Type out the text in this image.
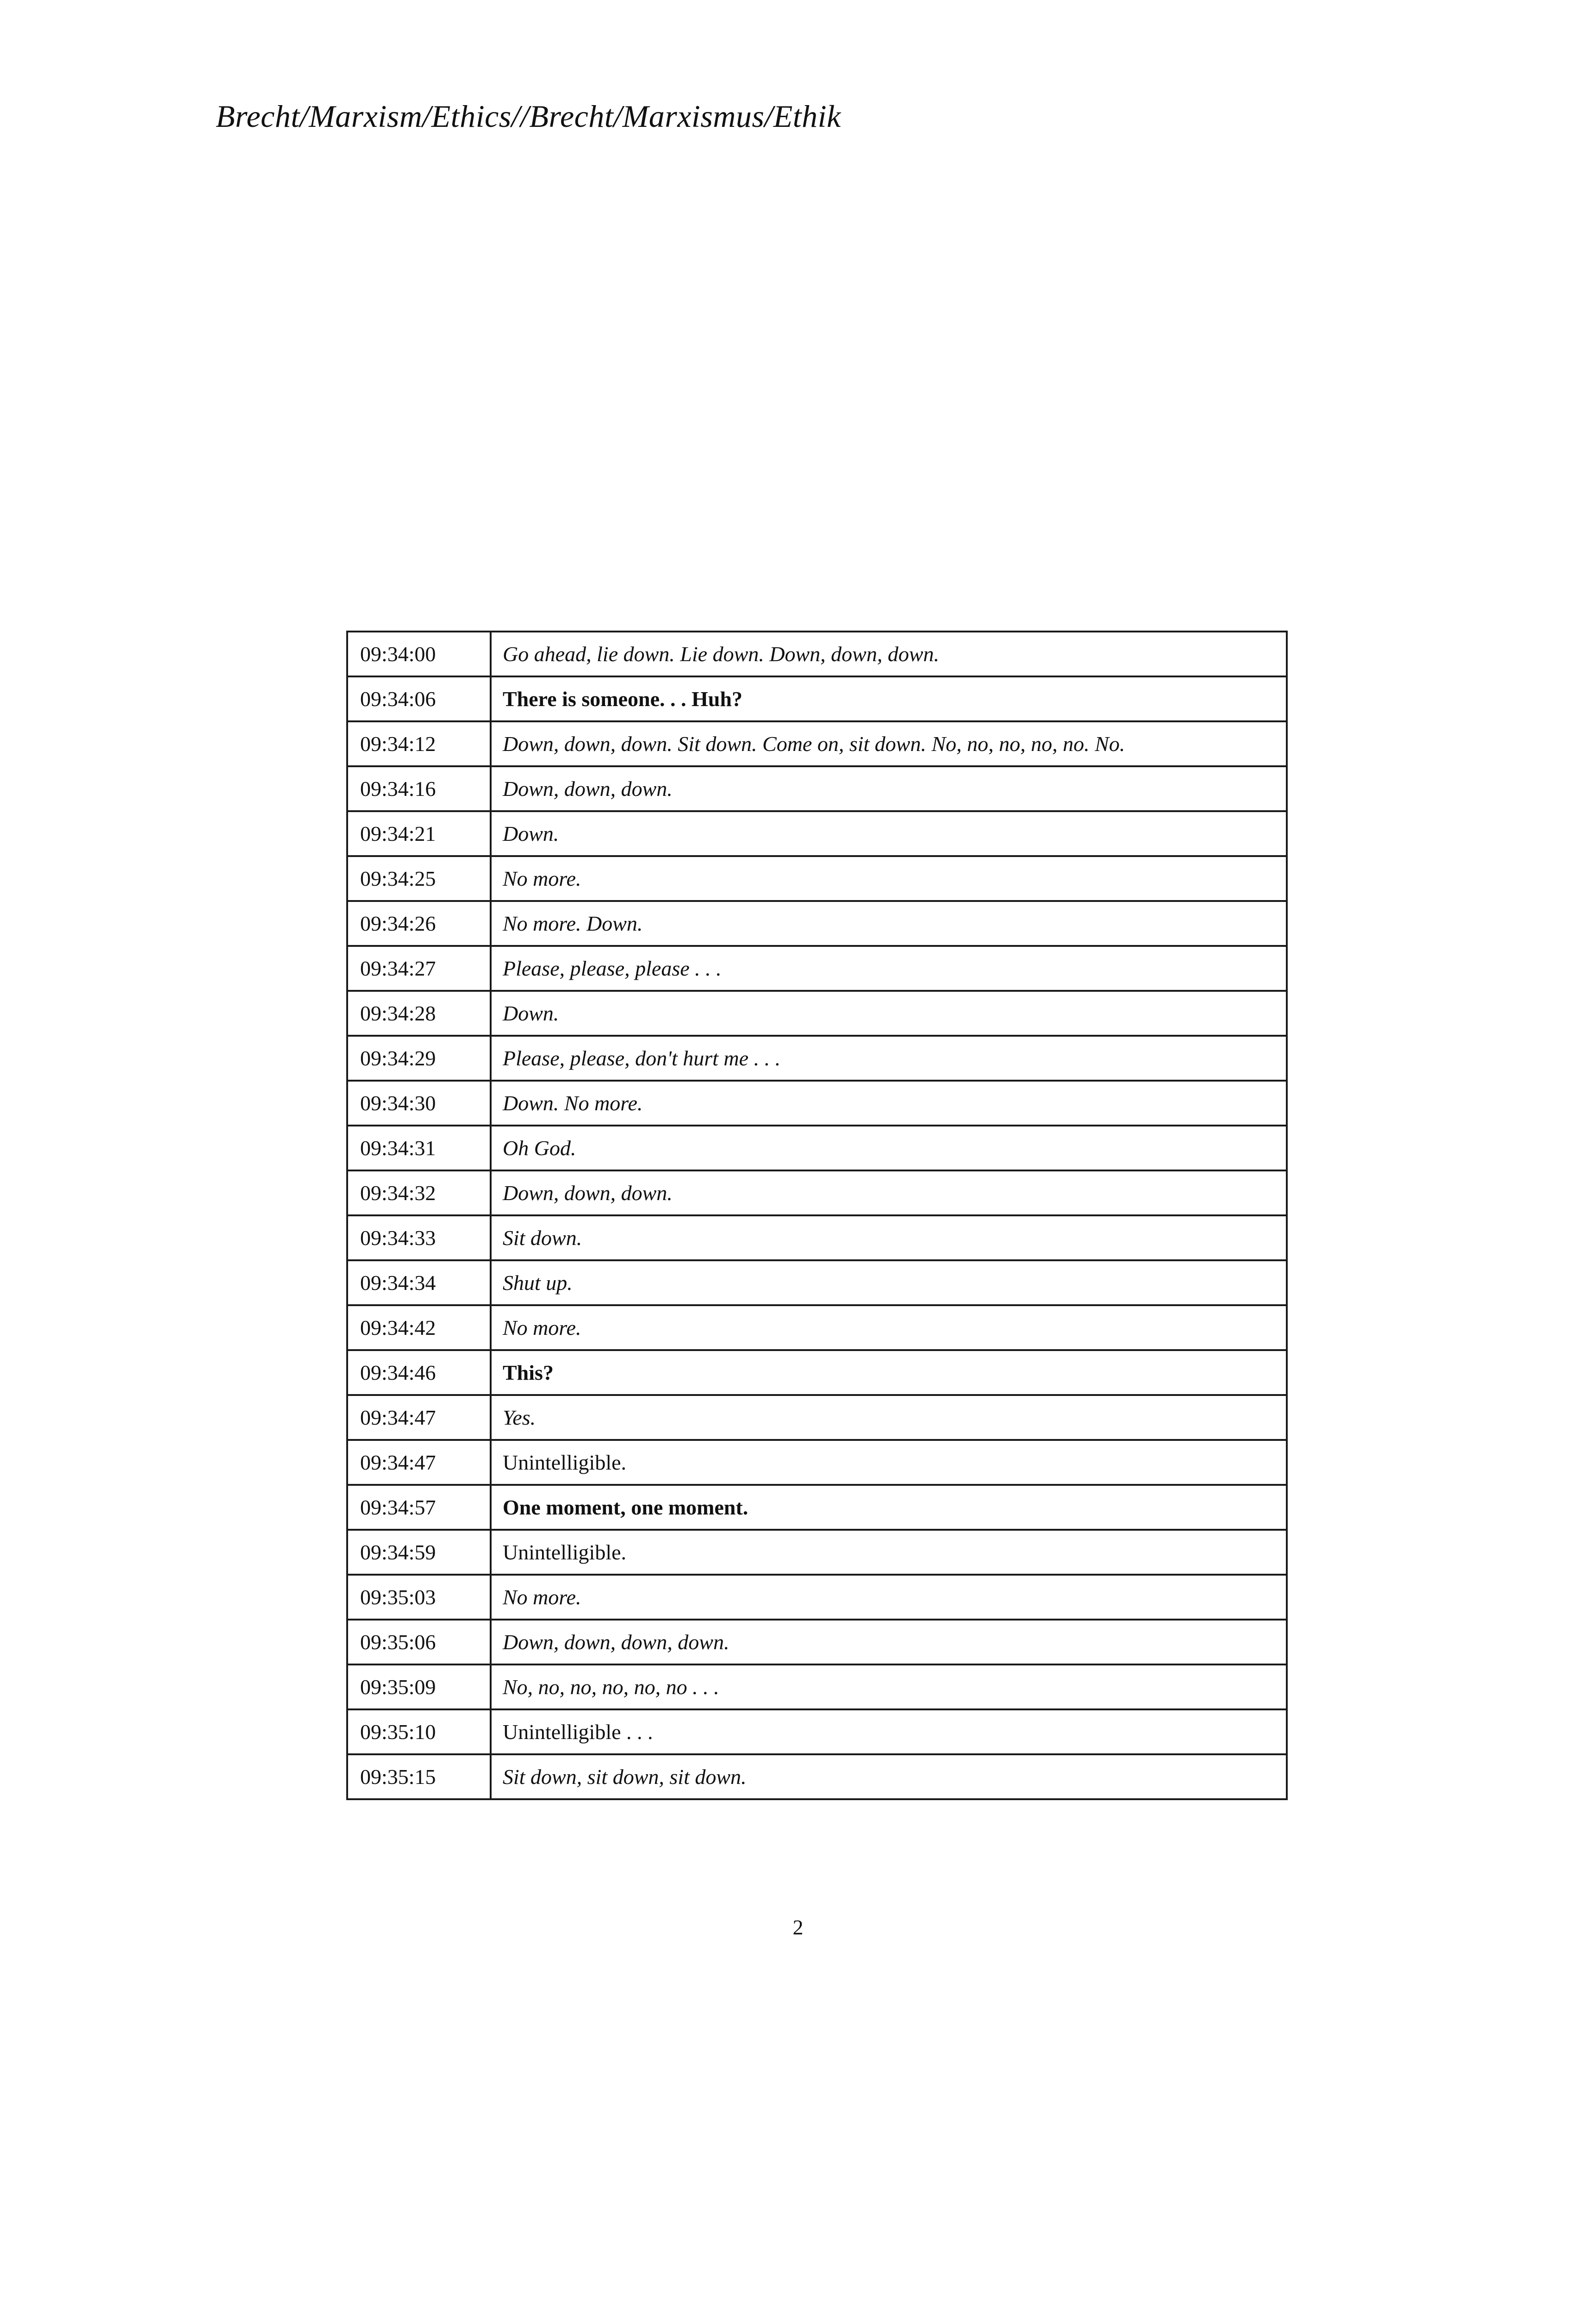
Brecht/Marxism/Ethics//Brecht/Marxismus/Ethik
09:34:00	Go ahead, lie down. Lie down. Down, down, down.
09:34:06	There is someone. . . Huh?
09:34:12	Down, down, down. Sit down. Come on, sit down. No, no, no, no, no. No.
09:34:16	Down, down, down.
09:34:21	Down.
09:34:25	No more.
09:34:26	No more. Down.
09:34:27	Please, please, please . . .
09:34:28	Down.
09:34:29	Please, please, don't hurt me . . .
09:34:30	Down. No more.
09:34:31	Oh God.
09:34:32	Down, down, down.
09:34:33	Sit down.
09:34:34	Shut up.
09:34:42	No more.
09:34:46	This?
09:34:47	Yes.
09:34:47	Unintelligible.
09:34:57	One moment, one moment.
09:34:59	Unintelligible.
09:35:03	No more.
09:35:06	Down, down, down, down.
09:35:09	No, no, no, no, no, no . . .
09:35:10	Unintelligible . . .
09:35:15	Sit down, sit down, sit down.
2
